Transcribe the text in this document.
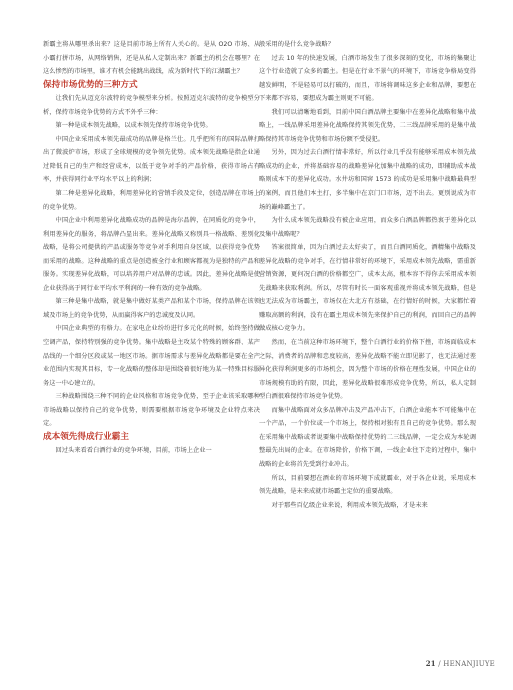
新霸主将从哪里杀出来？这是目前市场上所有人关心的。是从 O2O 市场、从小霸打拼市场，从网络销售，还是从私人定制出来？新霸主的机会在哪里？在这么惨烈的市场里，谁才有机会能跳出战线，成为新时代下的江湖霸主？

保持市场优势的三种方式

让我们先从迈克尔波特的竞争模型来分析。按照迈克尔波特的竞争模型分析，保持市场竞争优势的方式不外乎三种：

第一种是成本领先战略，以成本领先保持市场竞争优势。

中国企业采用成本领先最成功的品牌是格兰仕。几乎把所有的国际品牌打出了微波炉市场，形成了全球规模的竞争领先优势。成本领先战略是指企业通过降低自己的生产和经营成本，以低于竞争对手的产品价格，获得市场占有率，并获得同行业平均水平以上的利润；

第二种是差异化战略，利用差异化的营销手段及定位，创造品牌在市场上的竞争优势。

中国企业中利用差异化战略成功的品牌是海尔品牌，在同质化的竞争中，利用差异化的服务，将品牌凸显出来。差异化战略又称别具一格战略、差别化战略，是将公司提供的产品或服务等竞争对手利用自身区域，以获得竞争优势而采用的战略。这种战略的重点是创造被全行业和顾客都视为是独特的产品和服务。实现差异化战略，可以培养用户对品牌的忠诚。因此，差异化战略是使企业获得高于同行业平均水平利润的一种有效的竞争战略。

第三种是集中战略，就是集中做好某类产品和某个市场，保持品牌在该领域及市场上的竞争优势，从而赢得客户的忠诚度及认同。

中国企业典型的有格力。在家电企业纷纷进行多元化的时候，始终坚持做空调产品，保持特别强的竞争优势。集中战略是主攻某个特殊的顾客群、某产品线的一个细分区段或某一地区市场。据市场需求与差异化战略都是要在全产业范围内实现其目标，专一化战略的整体却是围绕着很好地为某一特殊目标服务这一中心建立的。

三种战略围绕三种不同的企业风格和市场竞争优势，至于企业该采取哪种市场战略以保持自己的竞争优势，则需要根据市场竞争环境及企业特点来决定。

成本领先得成行业霸主

回过头来看看白酒行业的竞争环境，目前，市场上企业一

般采用的是什么竞争战略？

过去 10 年的快速发展，白酒市场发生了很多深刻的变化，市场的集聚让这个行业造就了众多的霸主。但是在行业不景气的环境下，市场竞争格局变得越发鲜明，不是轻易可以打破的，而且，市场将调味这多企业和品牌，要想在下来都不容易，要想成为霸主则更不可能。

我们可以清晰地看到，目前中国白酒品牌主要集中在差异化战略和集中战略上，一线品牌采用差异化战略保持其领先优势，二三线品牌采用的是集中战略保持其市场竞争优势和市场份额不受侵犯。

另外，因为过去白酒行情非常好，所以行业几乎没有能够采用成本领先战略成功的企业，并将基础容易的战略差异化加集中战略的成功，即辅助成本战略则成本下的差异化成功。水井坊和国窖 1573 的成功是采用集中战略最典型的案例，而且他们本主打，多半集中在京门口市场，迈不出去。更别说成为市场的巅峰霸主了。

为什么成本领先战略没有被企业应用，而众多白酒品牌都热衷于差异化以及集中战略呢？

答案很简单，因为白酒过去太好卖了，而且白酒同质化，酒精集中战略及差异化战略的竞争对手，在行情非常好的环境下，采用成本领先战略，需重新营销资源，更何况白酒的价格都空广，成本太高，根本容不得你去采用成本领先战略来获取利润。所以，尽管有时长一面客观重视并将成本领先战略，但是也无法成为市场霸主，市场仅在大北方有基础，在行情好的时候，大家都忙着赚取高额的利润，没有在霸主用成本领先来保护自己的利润，而回自己的品牌做成核心竞争力。

然而，在当前这种市场环境下，整个白酒行业的价格下挫，市场面临成本之际，消费者的品牌和忠度较高，差异化战略不能立即见影了，也无法通过差异化获得利润更多的市场机会，因为整个市场的价格在理性发展，中国企业的市场规模有助的有限，因此，差异化战略很难形成竞争优势，所以，私人定制型白酒很难保持市场竞争优势。

而集中战略面对众多品牌冲击及产品冲击下，白酒企业能本不可能集中在一个产品，一个价位或一个市场上，保持相对独有且自己的竞争优势。那么现在采用集中战略或者说要集中战略保持优势的二三线品牌，一定会成为本轮调整最先出局的企业。在市场降价，价格下调，一线企业往下走的过程中，集中战略的企业将首先受到行业冲击。

所以，目前要想在酒业的市场环境下成就霸业，对于各企业说，采用成本领先战略，是未来成就市场霸主定位的重要战略。

对于那些百亿级企业来说，利用成本领先战略，才是未来

21 / HENANJIUYE
